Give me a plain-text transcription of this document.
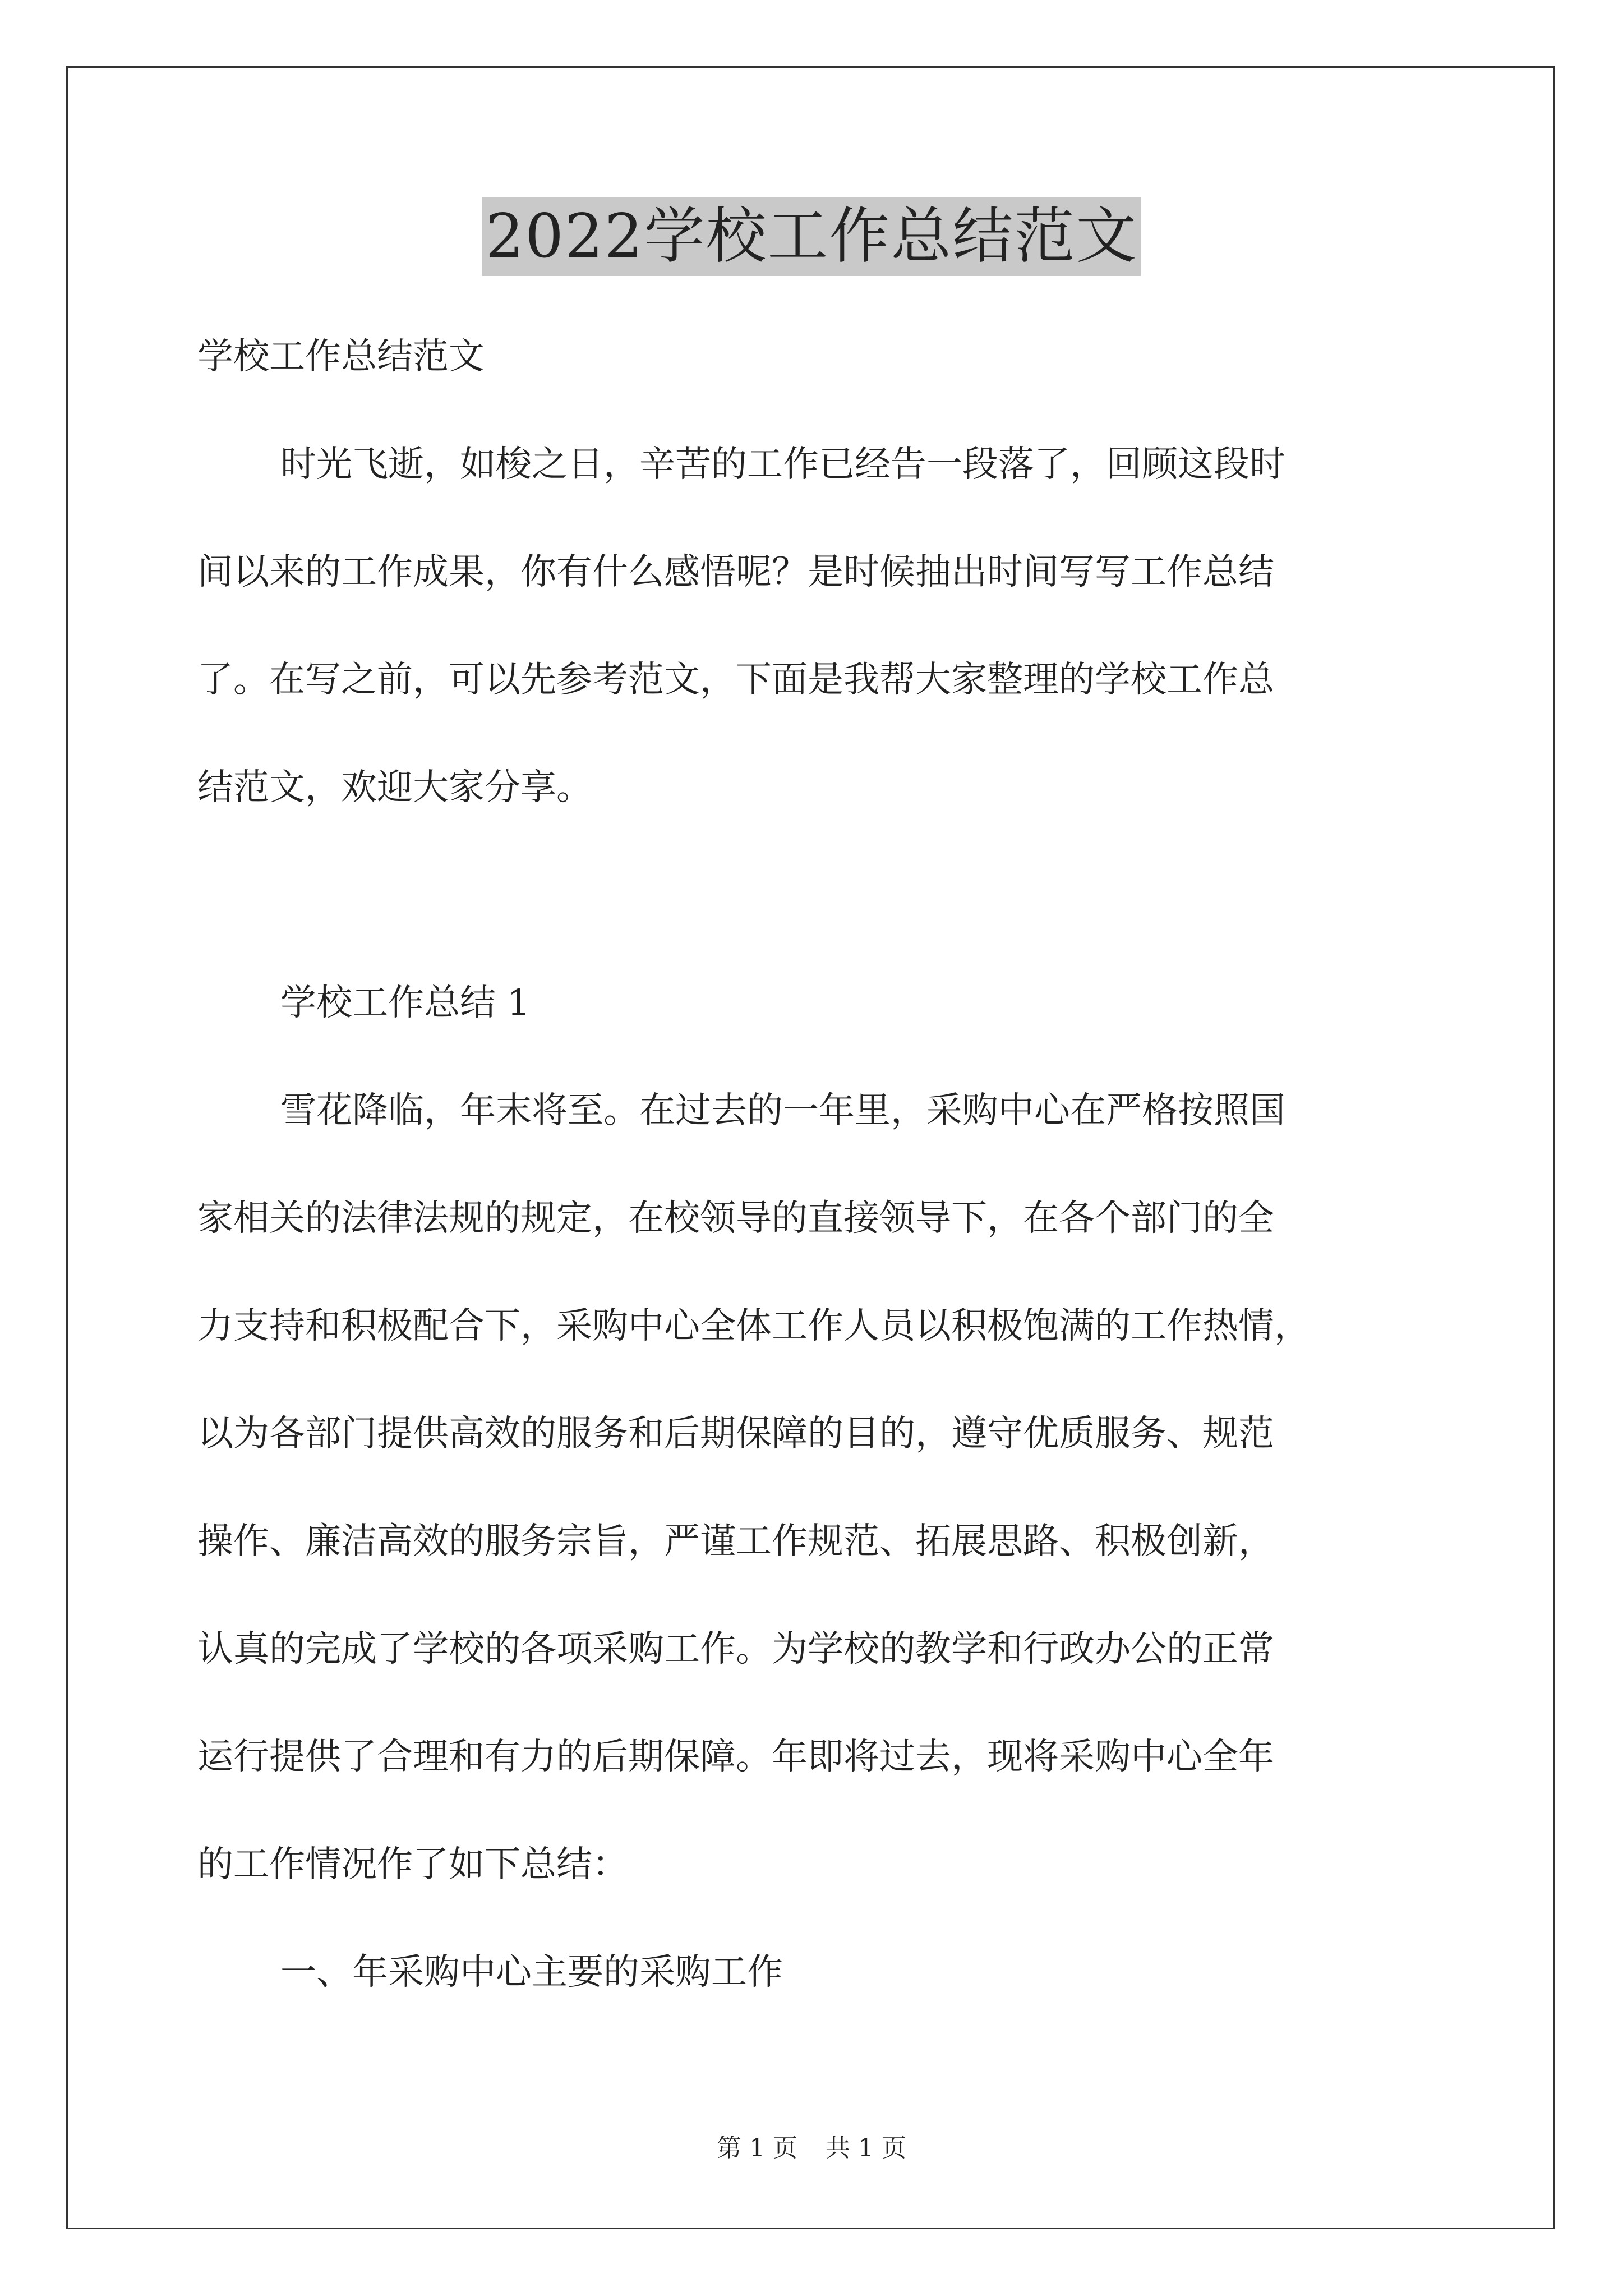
2022学校工作总结范文
学校工作总结范文
时光飞逝，如梭之日，辛苦的工作已经告一段落了，回顾这段时
间以来的工作成果，你有什么感悟呢？是时候抽出时间写写工作总结
了。在写之前，可以先参考范文，下面是我帮大家整理的学校工作总
结范文，欢迎大家分享。
学校工作总结 1
雪花降临，年末将至。在过去的一年里，采购中心在严格按照国
家相关的法律法规的规定，在校领导的直接领导下，在各个部门的全
力支持和积极配合下，采购中心全体工作人员以积极饱满的工作热情，
以为各部门提供高效的服务和后期保障的目的，遵守优质服务、规范
操作、廉洁高效的服务宗旨，严谨工作规范、拓展思路、积极创新，
认真的完成了学校的各项采购工作。为学校的教学和行政办公的正常
运行提供了合理和有力的后期保障。年即将过去，现将采购中心全年
的工作情况作了如下总结：
一、年采购中心主要的采购工作
第 1 页 共 1 页
